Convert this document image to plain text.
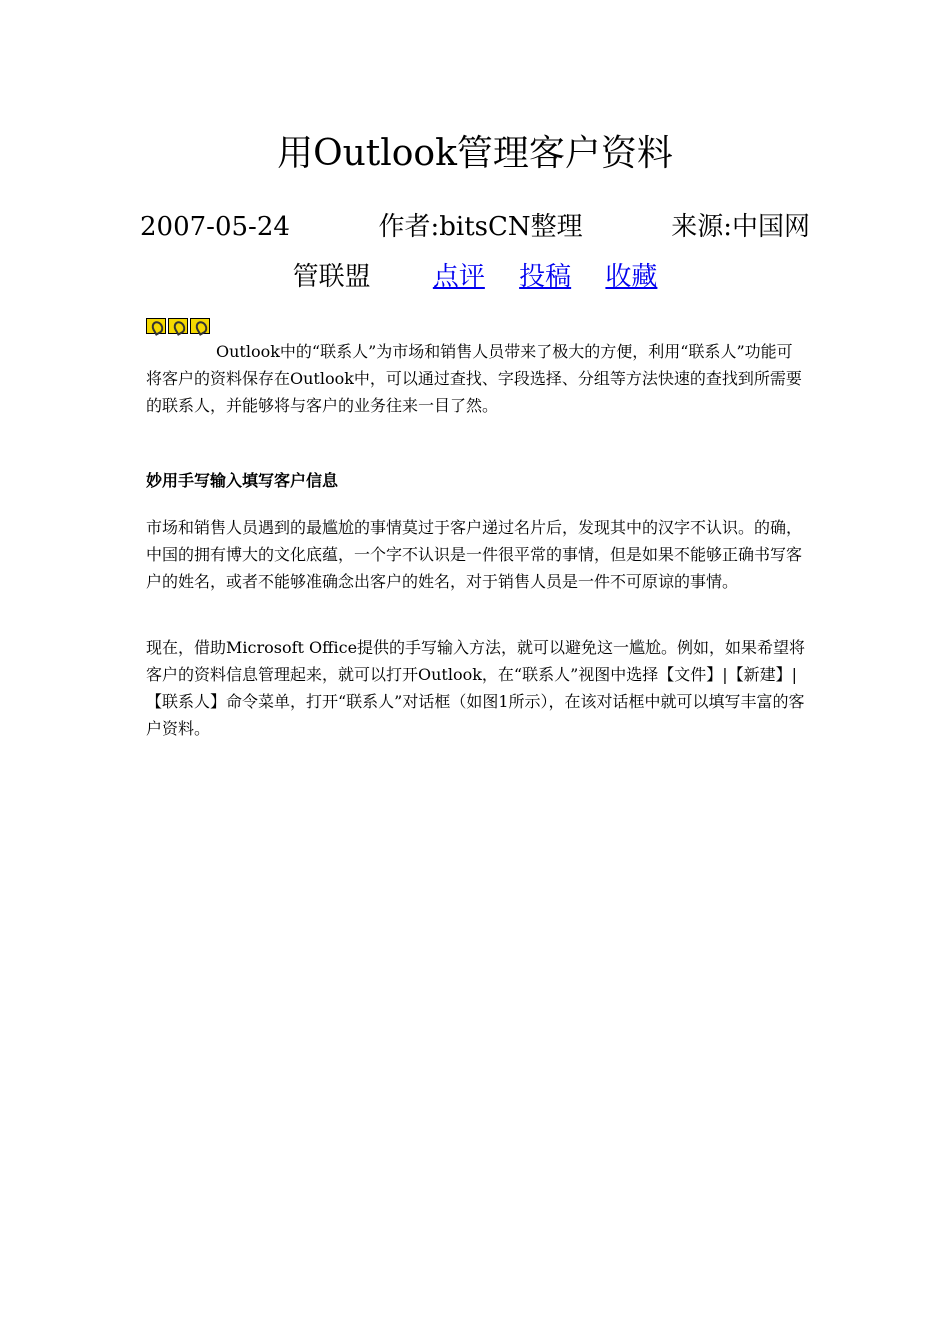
用Outlook管理客户资料
2007-05-24	作者:bitsCN整理	来源:中国网
管联盟 点评 投稿 收藏
Outlook中的“联系人”为市场和销售人员带来了极大的方便，利用“联系人”功能可将客户的资料保存在Outlook中，可以通过查找、字段选择、分组等方法快速的查找到所需要的联系人，并能够将与客户的业务往来一目了然。
妙用手写输入填写客户信息
市场和销售人员遇到的最尴尬的事情莫过于客户递过名片后，发现其中的汉字不认识。的确，中国的拥有博大的文化底蕴，一个字不认识是一件很平常的事情，但是如果不能够正确书写客户的姓名，或者不能够准确念出客户的姓名，对于销售人员是一件不可原谅的事情。
现在，借助Microsoft Office提供的手写输入方法，就可以避免这一尴尬。例如，如果希望将客户的资料信息管理起来，就可以打开Outlook，在“联系人”视图中选择【文件】|【新建】|【联系人】命令菜单，打开“联系人”对话框（如图1所示），在该对话框中就可以填写丰富的客户资料。
